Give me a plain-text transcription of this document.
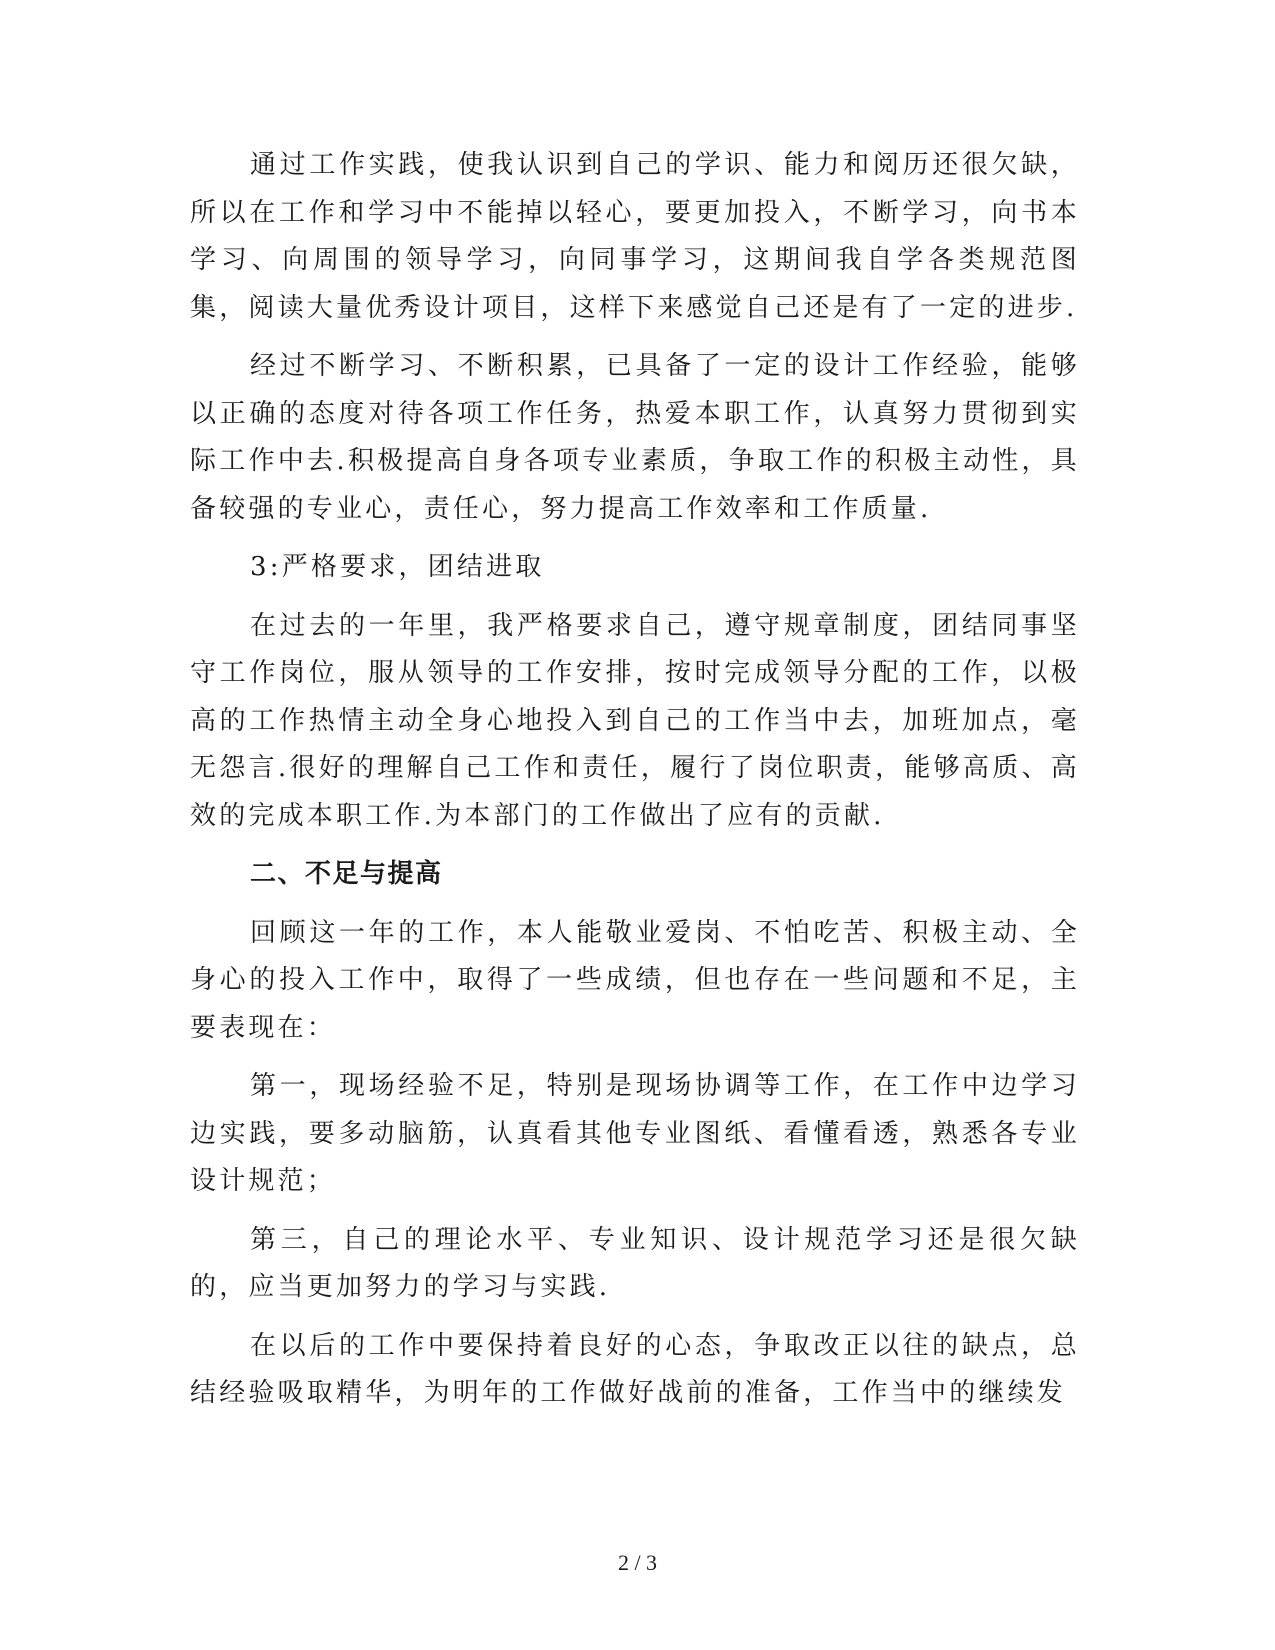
通过工作实践，使我认识到自己的学识、能力和阅历还很欠缺，所以在工作和学习中不能掉以轻心，要更加投入，不断学习，向书本学习、向周围的领导学习，向同事学习，这期间我自学各类规范图集，阅读大量优秀设计项目，这样下来感觉自己还是有了一定的进步.

经过不断学习、不断积累，已具备了一定的设计工作经验，能够以正确的态度对待各项工作任务，热爱本职工作，认真努力贯彻到实际工作中去.积极提高自身各项专业素质，争取工作的积极主动性，具备较强的专业心，责任心，努力提高工作效率和工作质量.

3:严格要求，团结进取

在过去的一年里，我严格要求自己，遵守规章制度，团结同事坚守工作岗位，服从领导的工作安排，按时完成领导分配的工作，以极高的工作热情主动全身心地投入到自己的工作当中去，加班加点，毫无怨言.很好的理解自己工作和责任，履行了岗位职责，能够高质、高效的完成本职工作.为本部门的工作做出了应有的贡献.

二、不足与提高

回顾这一年的工作，本人能敬业爱岗、不怕吃苦、积极主动、全身心的投入工作中，取得了一些成绩，但也存在一些问题和不足，主要表现在：

第一，现场经验不足，特别是现场协调等工作，在工作中边学习边实践，要多动脑筋，认真看其他专业图纸、看懂看透，熟悉各专业设计规范；

第三，自己的理论水平、专业知识、设计规范学习还是很欠缺的，应当更加努力的学习与实践.

在以后的工作中要保持着良好的心态，争取改正以往的缺点，总结经验吸取精华，为明年的工作做好战前的准备，工作当中的继续发

2 / 3
